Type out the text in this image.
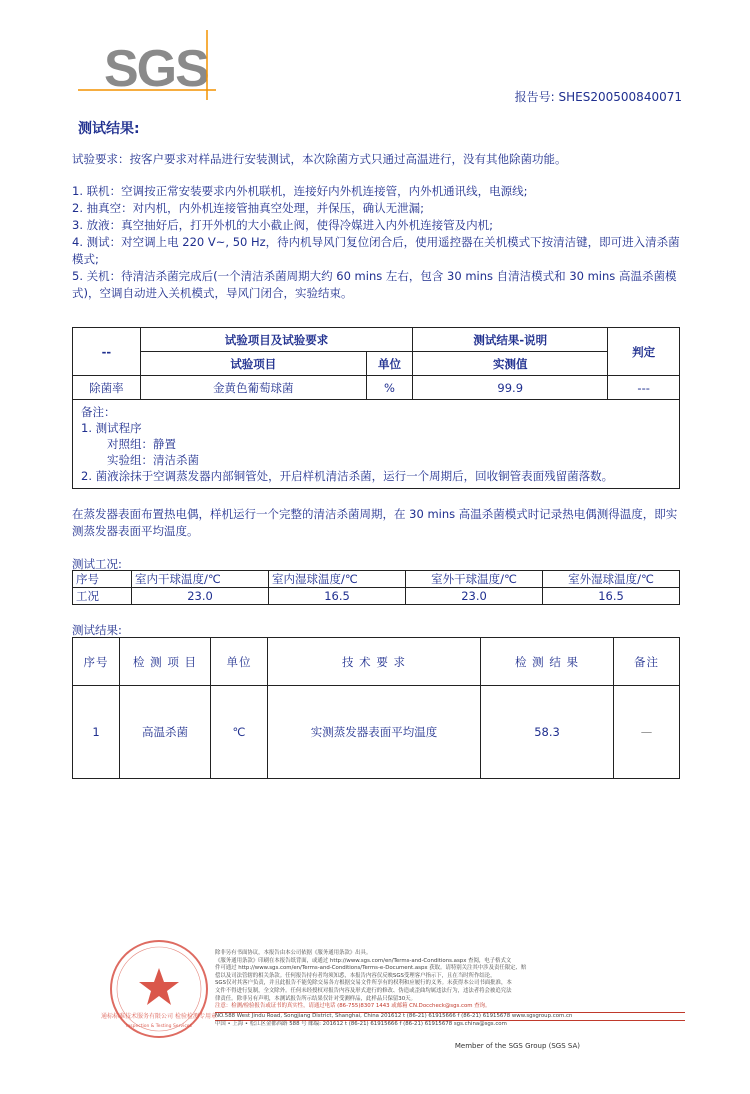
SGS	报告号: SHES200500840071
测试结果:
试验要求：按客户要求对样品进行安装测试，本次除菌方式只通过高温进行，没有其他除菌功能。
1. 联机：空调按正常安装要求内外机联机，连接好内外机连接管，内外机通讯线，电源线;
2. 抽真空：对内机，内外机连接管抽真空处理，并保压，确认无泄漏;
3. 放液：真空抽好后，打开外机的大小截止阀，使得冷媒进入内外机连接管及内机;
4. 测试：对空调上电 220 V~, 50 Hz，待内机导风门复位闭合后，使用遥控器在关机模式下按清洁键，即可进入清杀菌模式;
5. 关机：待清洁杀菌完成后(一个清洁杀菌周期大约 60 mins 左右，包含 30 mins 自清洁模式和 30 mins 高温杀菌模式)，空调自动进入关机模式，导风门闭合，实验结束。
--	试验项目及试验要求		测试结果-说明	判定
	试验项目	单位	实测值	
除菌率	金黄色葡萄球菌	%	99.9	---

备注：
1. 测试程序
对照组：静置
实验组：清洁杀菌
2. 菌液涂抹于空调蒸发器内部铜管处，开启样机清洁杀菌，运行一个周期后，回收铜管表面残留菌落数。				
在蒸发器表面布置热电偶，样机运行一个完整的清洁杀菌周期，在 30 mins 高温杀菌模式时记录热电偶测得温度，即实测蒸发器表面平均温度。
测试工况:
序号	室内干球温度/℃	室内湿球温度/℃	室外干球温度/℃	室外湿球温度/℃
工况	23.0	16.5	23.0	16.5
测试结果:
序号	检 测 项 目	单位	技 术 要 求	检 测 结 果	备注
1	高温杀菌	℃	实测蒸发器表面平均温度	58.3	—
通标标准技术服务有限公司 检验检测专用章
Inspection & Testing Services
除非另有书面协议，本报告由本公司依据《服务通用条款》出具。
《服务通用条款》印刷在本报告纸背面，或通过 http://www.sgs.com/en/Terms-and-Conditions.aspx 查阅，电子格式文
件可通过 http://www.sgs.com/en/Terms-and-Conditions/Terms-e-Document.aspx 获取。请特别关注其中涉及责任限定、赔
偿以及司法管辖的相关条款。任何报告持有者均须知悉，本报告内容仅反映SGS受理客户指示下，且在当时所作结论，
SGS仅对其客户负责，并且此报告不能免除交易各方根据交易文件所享有的权利和应履行的义务。未获得本公司书面批准，本
文件不得进行复制，全文除外。任何未经授权对报告内容及形式进行的修改、伪造或歪曲均属违法行为，违法者将会被追究法
律责任。除非另有声明，本测试报告所示结果仅针对受测样品，此样品只保留30天。
注意：检测/检验报告或证书的真实性，请通过电话 (86-755)8307 1443 或邮箱 CN.Doccheck@sgs.com 查询。
NO.588 West Jindu Road, Songjiang District, Shanghai, China 201612 t (86-21) 61915666 f (86-21) 61915678 www.sgsgroup.com.cn
中国 • 上海 • 松江区金都西路 588 号 邮编: 201612 t (86-21) 61915666 f (86-21) 61915678 sgs.china@sgs.com
Member of the SGS Group (SGS SA)
